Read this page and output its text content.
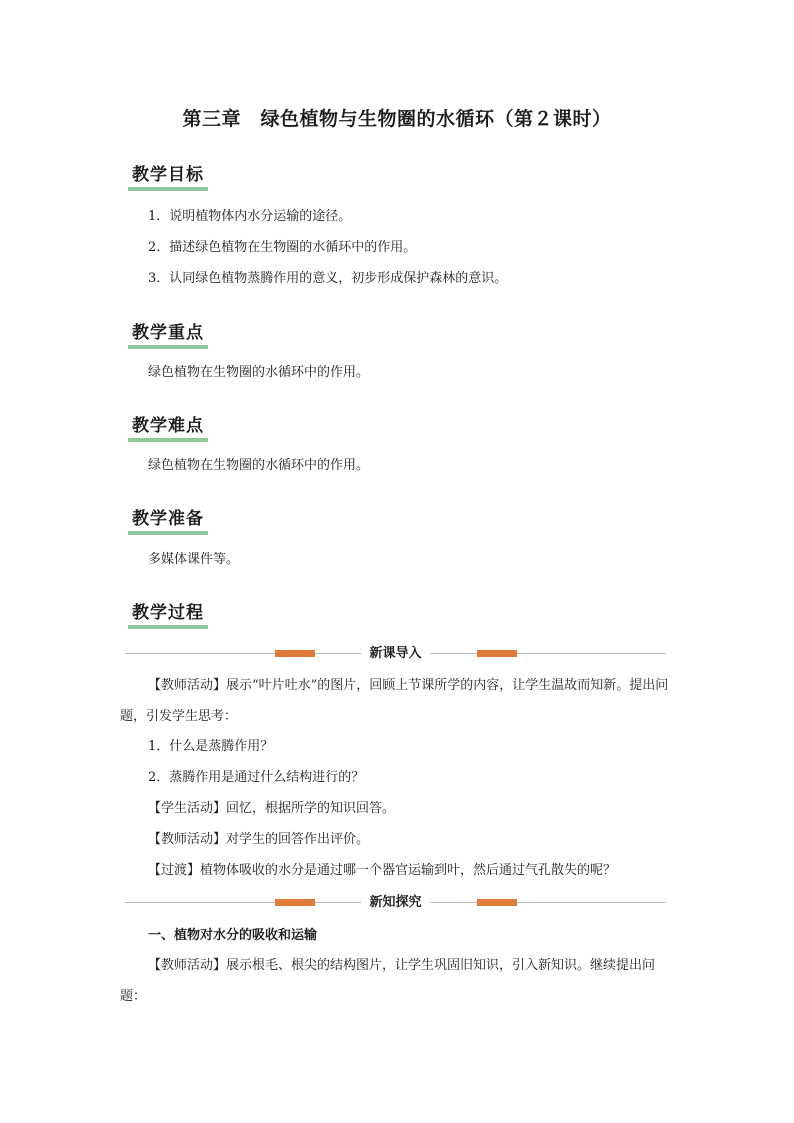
第三章　绿色植物与生物圈的水循环（第２课时）
教学目标
1．说明植物体内水分运输的途径。
2．描述绿色植物在生物圈的水循环中的作用。
3．认同绿色植物蒸腾作用的意义，初步形成保护森林的意识。
教学重点
绿色植物在生物圈的水循环中的作用。
教学难点
绿色植物在生物圈的水循环中的作用。
教学准备
多媒体课件等。
教学过程
新课导入
【教师活动】展示“叶片吐水”的图片，回顾上节课所学的内容，让学生温故而知新。提出问题，引发学生思考：
1．什么是蒸腾作用？
2．蒸腾作用是通过什么结构进行的？
【学生活动】回忆，根据所学的知识回答。
【教师活动】对学生的回答作出评价。
【过渡】植物体吸收的水分是通过哪一个器官运输到叶，然后通过气孔散失的呢？
新知探究
一、植物对水分的吸收和运输
【教师活动】展示根毛、根尖的结构图片，让学生巩固旧知识，引入新知识。继续提出问题：
